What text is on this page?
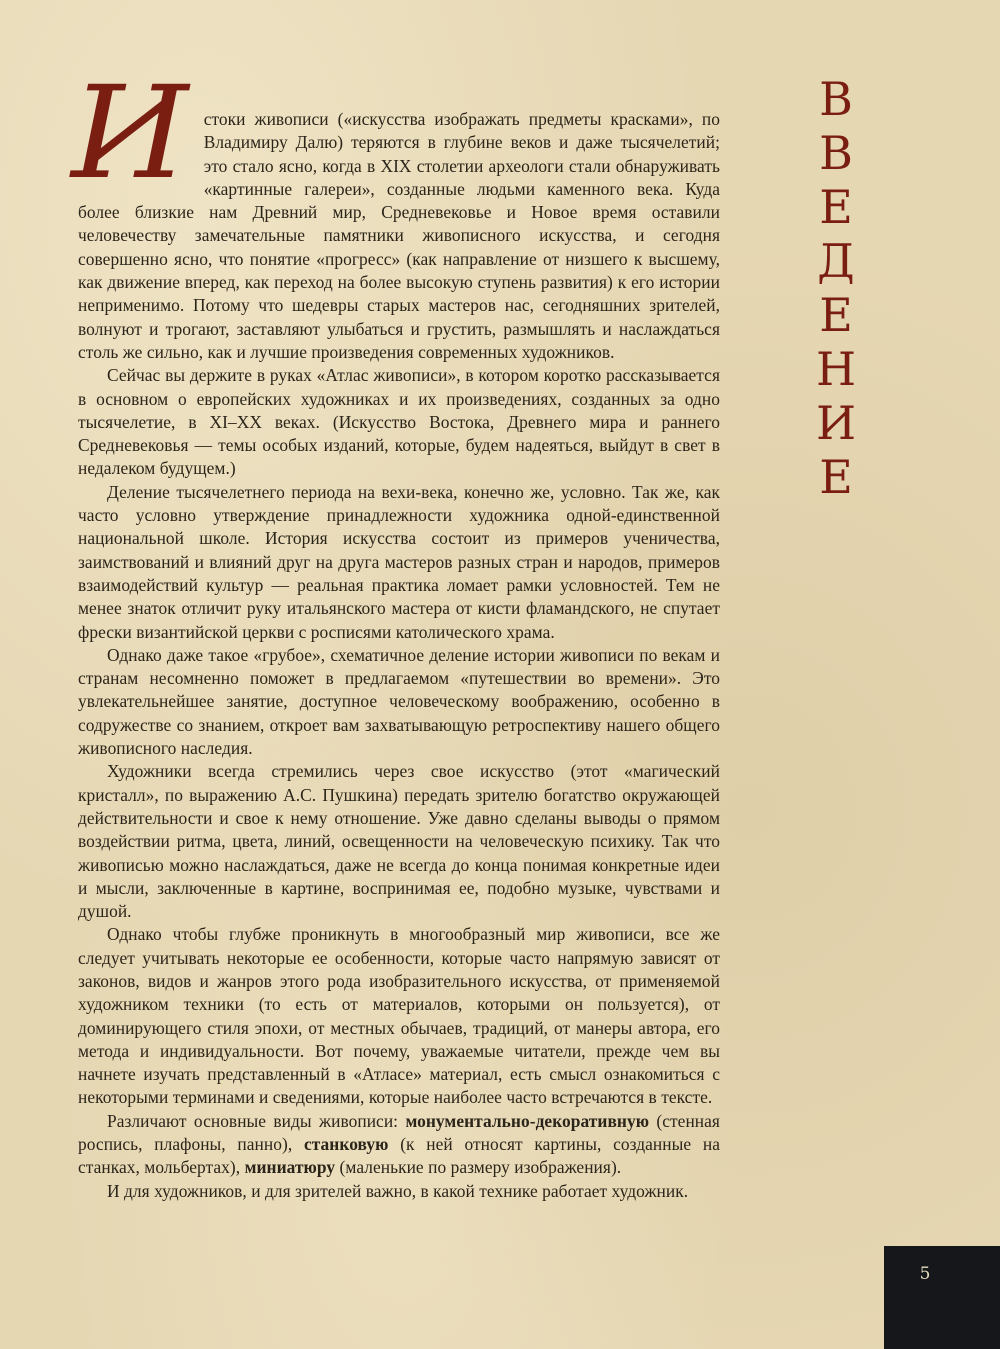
Истоки живописи («искусства изображать предметы красками», по Владимиру Далю) теряются в глубине веков и даже тысячелетий; это стало ясно, когда в XIX столетии археологи стали обнаруживать «картинные галереи», созданные людьми каменного века. Куда более близкие нам Древний мир, Средневековье и Новое время оставили человечеству замечательные памятники живописного искусства, и сегодня совершенно ясно, что понятие «прогресс» (как направление от низшего к высшему, как движение вперед, как переход на более высокую ступень развития) к его истории неприменимо. Потому что шедевры старых мастеров нас, сегодняшних зрителей, волнуют и трогают, заставляют улыбаться и грустить, размышлять и наслаждаться столь же сильно, как и лучшие произведения современных художников.

Сейчас вы держите в руках «Атлас живописи», в котором коротко рассказывается в основном о европейских художниках и их произведениях, созданных за одно тысячелетие, в XI–XX веках. (Искусство Востока, Древнего мира и раннего Средневековья — темы особых изданий, которые, будем надеяться, выйдут в свет в недалеком будущем.)

Деление тысячелетнего периода на вехи-века, конечно же, условно. Так же, как часто условно утверждение принадлежности художника одной-единственной национальной школе. История искусства состоит из примеров ученичества, заимствований и влияний друг на друга мастеров разных стран и народов, примеров взаимодействий культур — реальная практика ломает рамки условностей. Тем не менее знаток отличит руку итальянского мастера от кисти фламандского, не спутает фрески византийской церкви с росписями католического храма.

Однако даже такое «грубое», схематичное деление истории живописи по векам и странам несомненно поможет в предлагаемом «путешествии во времени». Это увлекательнейшее занятие, доступное человеческому воображению, особенно в содружестве со знанием, откроет вам захватывающую ретроспективу нашего общего живописного наследия.

Художники всегда стремились через свое искусство (этот «магический кристалл», по выражению А.С. Пушкина) передать зрителю богатство окружающей действительности и свое к нему отношение. Уже давно сделаны выводы о прямом воздействии ритма, цвета, линий, освещенности на человеческую психику. Так что живописью можно наслаждаться, даже не всегда до конца понимая конкретные идеи и мысли, заключенные в картине, воспринимая ее, подобно музыке, чувствами и душой.

Однако чтобы глубже проникнуть в многообразный мир живописи, все же следует учитывать некоторые ее особенности, которые часто напрямую зависят от законов, видов и жанров этого рода изобразительного искусства, от применяемой художником техники (то есть от материалов, которыми он пользуется), от доминирующего стиля эпохи, от местных обычаев, традиций, от манеры автора, его метода и индивидуальности. Вот почему, уважаемые читатели, прежде чем вы начнете изучать представленный в «Атласе» материал, есть смысл ознакомиться с некоторыми терминами и сведениями, которые наиболее часто встречаются в тексте.

Различают основные виды живописи: монументально-декоративную (стенная роспись, плафоны, панно), станковую (к ней относят картины, созданные на станках, мольбертах), миниатюру (маленькие по размеру изображения).

И для художников, и для зрителей важно, в какой технике работает художник.

В
В
Е
Д
Е
Н
И
Е
5
